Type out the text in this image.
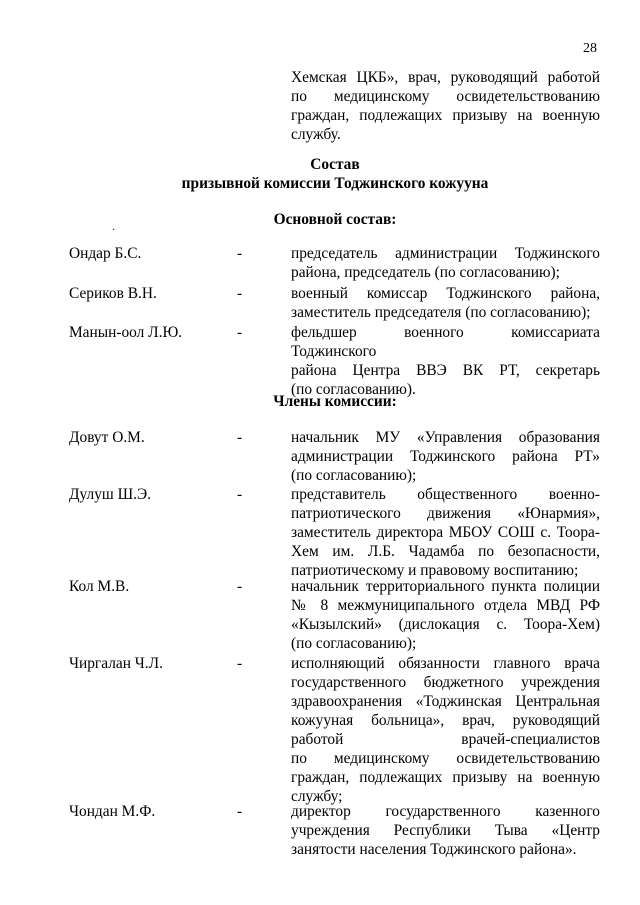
28
Хемская ЦКБ», врач, руководящий работой
по медицинскому освидетельствованию
граждан, подлежащих призыву на военную
службу.
Состав
призывной комиссии Тоджинского кожууна
Основной состав:
·
Ондар Б.С.	-	председатель администрации Тоджинского
района, председатель (по согласованию);
Сериков В.Н.	-	военный комиссар Тоджинского района,
заместитель председателя (по согласованию);
Манын-оол Л.Ю.	-	фельдшер военного комиссариата Тоджинского
района Центра ВВЭ ВК РТ, секретарь
(по согласованию).
Члены комиссии:
Довут О.М.	-	начальник МУ «Управления образования
администрации Тоджинского района РТ»
(по согласованию);
Дулуш Ш.Э.	-	представитель общественного военно-
патриотического движения «Юнармия»,
заместитель директора МБОУ СОШ с. Тоора-
Хем им. Л.Б. Чадамба по безопасности,
патриотическому и правовому воспитанию;
Кол М.В.	-	начальник территориального пункта полиции
№ 8 межмуниципального отдела МВД РФ
«Кызылский» (дислокация с. Тоора-Хем)
(по согласованию);
Чиргалан Ч.Л.	-	исполняющий обязанности главного врача
государственного бюджетного учреждения
здравоохранения «Тоджинская Центральная
кожууная больница», врач, руководящий
работой врачей-специалистов
по медицинскому освидетельствованию
граждан, подлежащих призыву на военную
службу;
Чондан М.Ф.	-	директор государственного казенного
учреждения Республики Тыва «Центр
занятости населения Тоджинского района».
